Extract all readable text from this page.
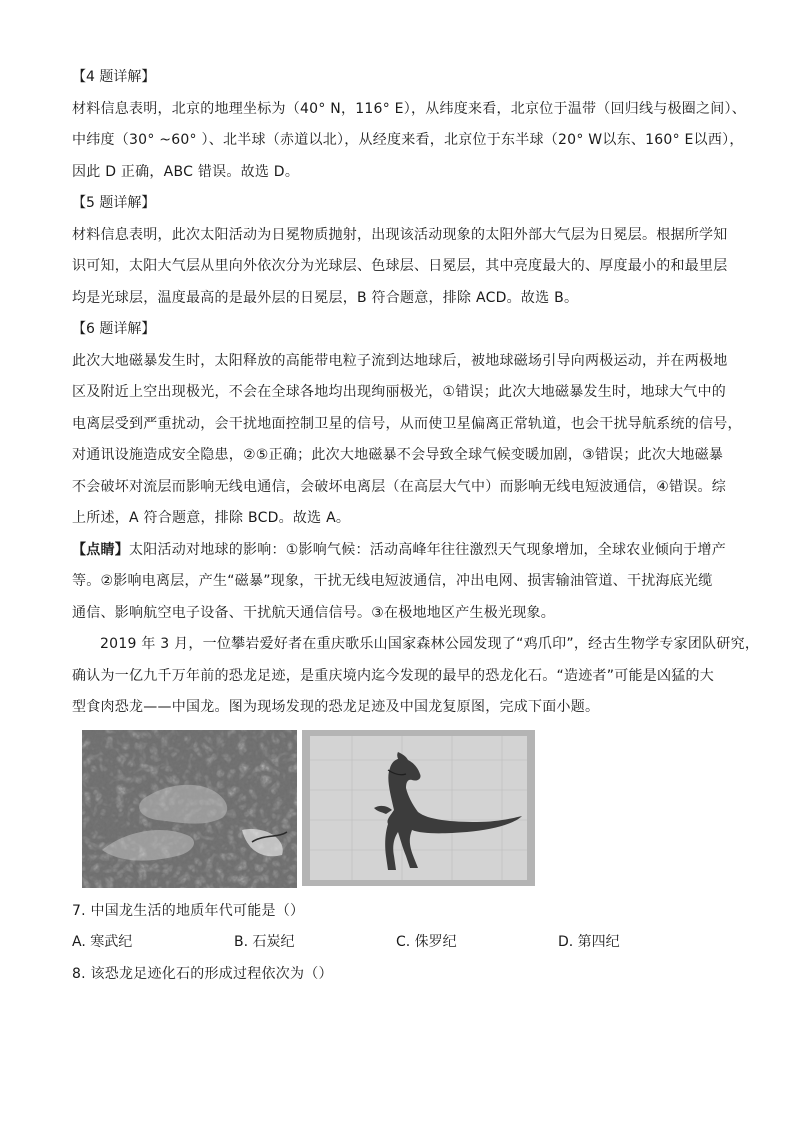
【4 题详解】
材料信息表明，北京的地理坐标为（40° N，116° E），从纬度来看，北京位于温带（回归线与极圈之间）、
中纬度（30° ~60° ）、北半球（赤道以北），从经度来看，北京位于东半球（20° W以东、160° E以西），
因此 D 正确，ABC 错误。故选 D。
【5 题详解】
材料信息表明，此次太阳活动为日冕物质抛射，出现该活动现象的太阳外部大气层为日冕层。根据所学知
识可知，太阳大气层从里向外依次分为光球层、色球层、日冕层，其中亮度最大的、厚度最小的和最里层
均是光球层，温度最高的是最外层的日冕层，B 符合题意，排除 ACD。故选 B。
【6 题详解】
此次大地磁暴发生时，太阳释放的高能带电粒子流到达地球后，被地球磁场引导向两极运动，并在两极地
区及附近上空出现极光，不会在全球各地均出现绚丽极光，①错误；此次大地磁暴发生时，地球大气中的
电离层受到严重扰动，会干扰地面控制卫星的信号，从而使卫星偏离正常轨道，也会干扰导航系统的信号，
对通讯设施造成安全隐患，②⑤正确；此次大地磁暴不会导致全球气候变暖加剧，③错误；此次大地磁暴
不会破坏对流层而影响无线电通信，会破坏电离层（在高层大气中）而影响无线电短波通信，④错误。综
上所述，A 符合题意，排除 BCD。故选 A。
【点睛】太阳活动对地球的影响：①影响气候：活动高峰年往往激烈天气现象增加，全球农业倾向于增产
等。②影响电离层，产生“磁暴”现象，干扰无线电短波通信，冲出电网、损害输油管道、干扰海底光缆
通信、影响航空电子设备、干扰航天通信信号。③在极地地区产生极光现象。
2019 年 3 月，一位攀岩爱好者在重庆歌乐山国家森林公园发现了“鸡爪印”，经古生物学专家团队研究，
确认为一亿九千万年前的恐龙足迹，是重庆境内迄今发现的最早的恐龙化石。“造迹者”可能是凶猛的大
型食肉恐龙——中国龙。图为现场发现的恐龙足迹及中国龙复原图，完成下面小题。
7. 中国龙生活的地质年代可能是（）
A. 寒武纪	B. 石炭纪	C. 侏罗纪	D. 第四纪
8. 该恐龙足迹化石的形成过程依次为（）
